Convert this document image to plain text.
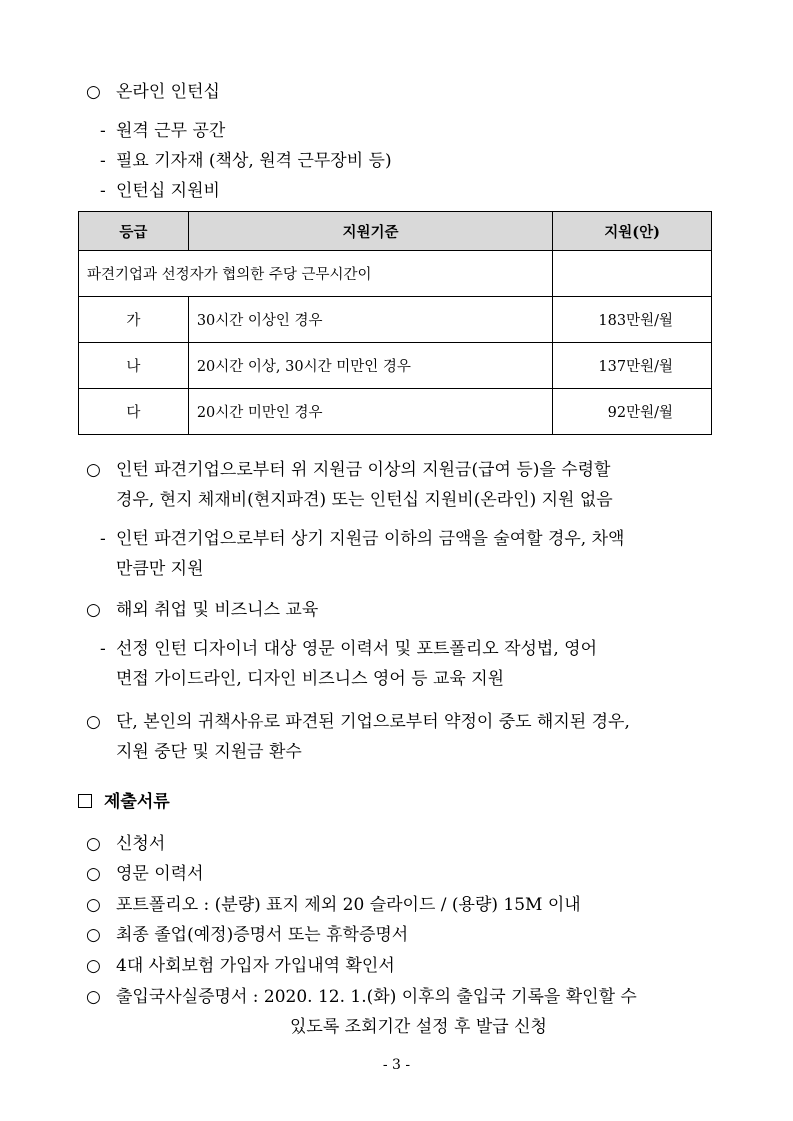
○ 온라인 인턴십
- 원격 근무 공간
- 필요 기자재 (책상, 원격 근무장비 등)
- 인턴십 지원비
등급	지원기준	지원(안)
파견기업과 선정자가 협의한 주당 근무시간이		
가	30시간 이상인 경우	183만원/월
나	20시간 이상, 30시간 미만인 경우	137만원/월
다	20시간 미만인 경우	92만원/월
○ 인턴 파견기업으로부터 위 지원금 이상의 지원금(급여 등)을 수령할
경우, 현지 체재비(현지파견) 또는 인턴십 지원비(온라인) 지원 없음
- 인턴 파견기업으로부터 상기 지원금 이하의 금액을 술여할 경우, 차액
만큼만 지원
○ 해외 취업 및 비즈니스 교육
- 선정 인턴 디자이너 대상 영문 이력서 및 포트폴리오 작성법, 영어
면접 가이드라인, 디자인 비즈니스 영어 등 교육 지원
○ 단, 본인의 귀책사유로 파견된 기업으로부터 약정이 중도 해지된 경우,
지원 중단 및 지원금 환수
제출서류
○ 신청서
○ 영문 이력서
○ 포트폴리오 : (분량) 표지 제외 20 슬라이드 / (용량) 15M 이내
○ 최종 졸업(예정)증명서 또는 휴학증명서
○ 4대 사회보험 가입자 가입내역 확인서
○ 출입국사실증명서 : 2020. 12. 1.(화) 이후의 출입국 기록을 확인할 수
있도록 조회기간 설정 후 발급 신청
- 3 -
